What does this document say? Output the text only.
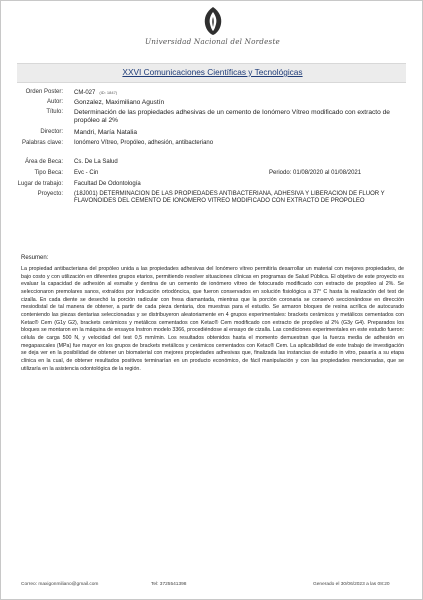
Universidad Nacional del Nordeste
XXVI Comunicaciones Científicas y Tecnológicas
Orden Poster: CM-027 (ID: 1847)
Autor: Gonzalez, Maximiliano Agustín
Título: Determinación de las propiedades adhesivas de un cemento de Ionómero Vítreo modificado con extracto de propóleo al 2%
Director: Mandri, María Natalia
Palabras clave: Ionómero Vítreo, Propóleo, adhesión, antibacteriano
Área de Beca: Cs. De La Salud
Tipo Beca: Evc - Cin	Periodo: 01/08/2020 al 01/08/2021
Lugar de trabajo: Facultad De Odontología
Proyecto: (18J001) DETERMINACION DE LAS PROPIEDADES ANTIBACTERIANA, ADHESIVA Y LIBERACION DE FLUOR Y FLAVONOIDES DEL CEMENTO DE IONOMERO VITREO MODIFICADO CON EXTRACTO DE PROPOLEO
Resumen:
La propiedad antibacteriana del propóleo unida a las propiedades adhesivas del Ionómero vítreo permitiría desarrollar un material con mejores propiedades, de bajo costo y con utilización en diferentes grupos etarios, permitiendo resolver situaciones clínicas en programas de Salud Pública. El objetivo de este proyecto es evaluar la capacidad de adhesión al esmalte y dentina de un cemento de ionómero vítreo de fotocurado modificado con extracto de propóleo al 2%. Se seleccionaron premolares sanos, extraídos por indicación ortodóncica, que fueron conservados en solución fisiológica a 37° C hasta la realización del test de cizalla. En cada diente se desechó la porción radicular con fresa diamantada, mientras que la porción coronaria se conservó seccionándose en dirección mesiodistal de tal manera de obtener, a partir de cada pieza dentaria, dos muestras para el estudio. Se armaron bloques de resina acrílica de autocurado conteniendo las piezas dentarias seleccionadas y se distribuyeron aleatoriamente en 4 grupos experimentales: brackets cerámicos y metálicos cementados con Ketac® Cem (G1y G2), brackets cerámicos y metálicos cementados con Ketac® Cem modificado con extracto de propóleo al 2% (G3y G4). Preparados los bloques se montaron en la máquina de ensayos Instron modelo 3366, procediéndose al ensayo de cizalla. Las condiciones experimentales en este estudio fueron: célula de carga 500 N, y velocidad del test 0,5 mm/min. Los resultados obtenidos hasta el momento demuestran que la fuerza media de adhesión en megapascales (MPa) fue mayor en los grupos de brackets metálicos y cerámicos cementados con Ketac® Cem. La aplicabilidad de este trabajo de investigación se deja ver en la posibilidad de obtener un biomaterial con mejores propiedades adhesivas que, finalizada las instancias de estudio in vitro, pasaría a su etapa clínica en la cual, de obtener resultados positivos terminarían en un producto económico, de fácil manipulación y con las propiedades mencionadas, que se utilizaría en la asistencia odontológica de la región.
Correo: maxigonmiliano@gmail.com	Tel: 3725541398	Generado el 30/06/2023 a las 08:20
